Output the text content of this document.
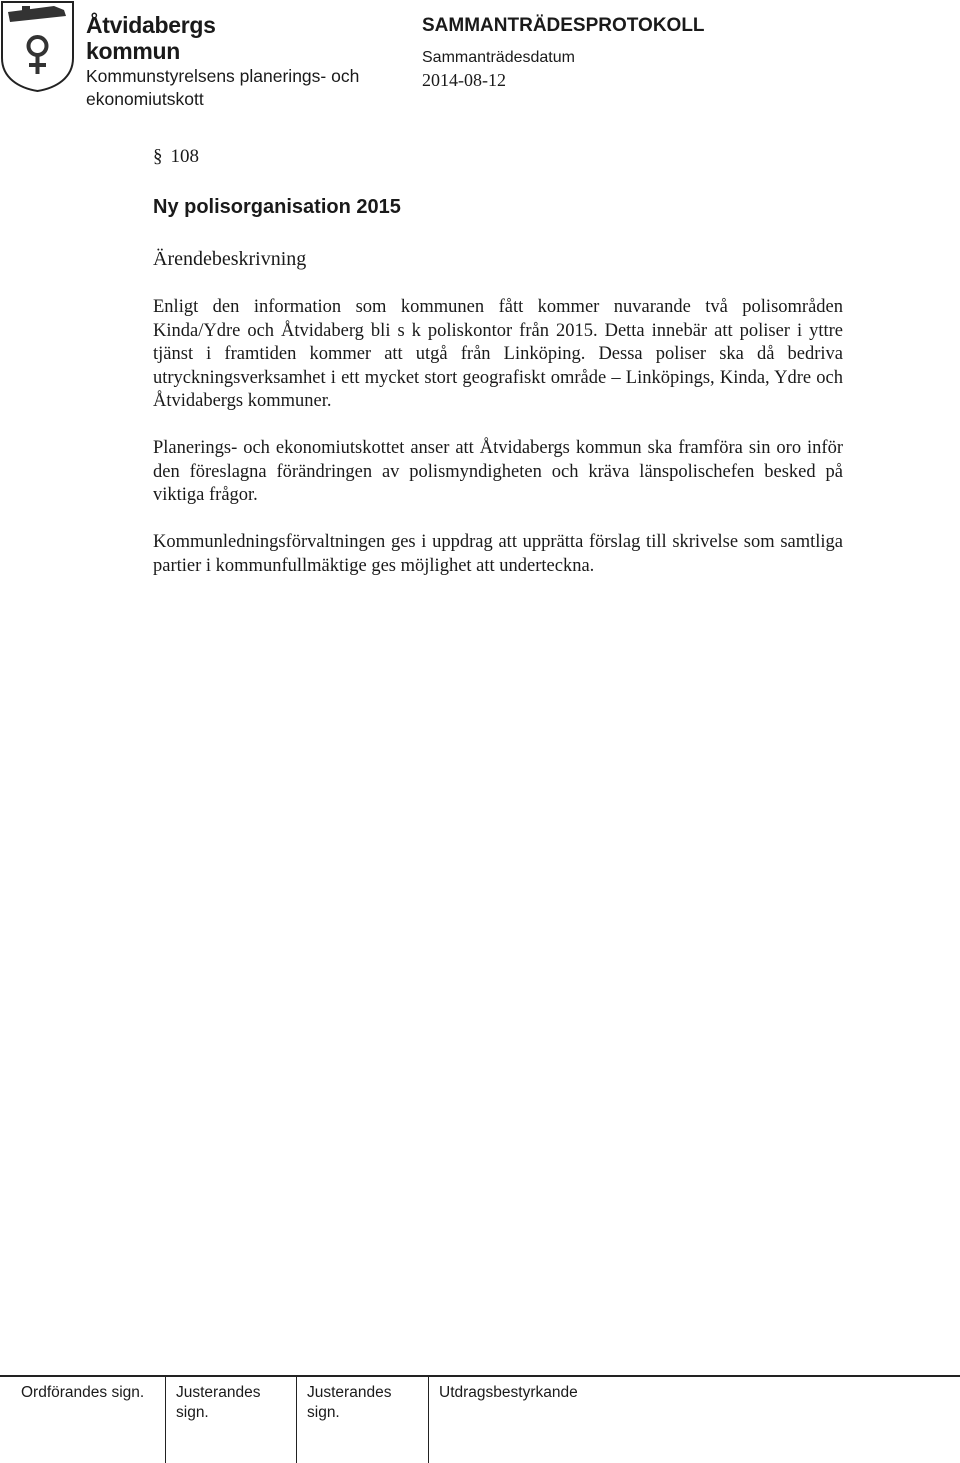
Åtvidabergs
kommun
Kommunstyrelsens planerings- och
ekonomiutskott
SAMMANTRÄDESPROTOKOLL
Sammanträdesdatum
2014-08-12
§ 108
Ny polisorganisation 2015
Ärendebeskrivning

Enligt den information som kommunen fått kommer nuvarande två polisområden Kinda/Ydre och Åtvidaberg bli s k poliskontor från 2015. Detta innebär att poliser i yttre tjänst i framtiden kommer att utgå från Linköping. Dessa poliser ska då bedriva utryckningsverksamhet i ett mycket stort geografiskt område – Linköpings, Kinda, Ydre och Åtvidabergs kommuner.

Planerings- och ekonomiutskottet anser att Åtvidabergs kommun ska framföra sin oro inför den föreslagna förändringen av polismyndigheten och kräva länspolischefen besked på viktiga frågor.

Kommunledningsförvaltningen ges i uppdrag att upprätta förslag till skrivelse som samtliga partier i kommunfullmäktige ges möjlighet att underteckna.

Ordförandes sign.	Justerandes
sign.
Justerandes
sign.
Utdragsbestyrkande
